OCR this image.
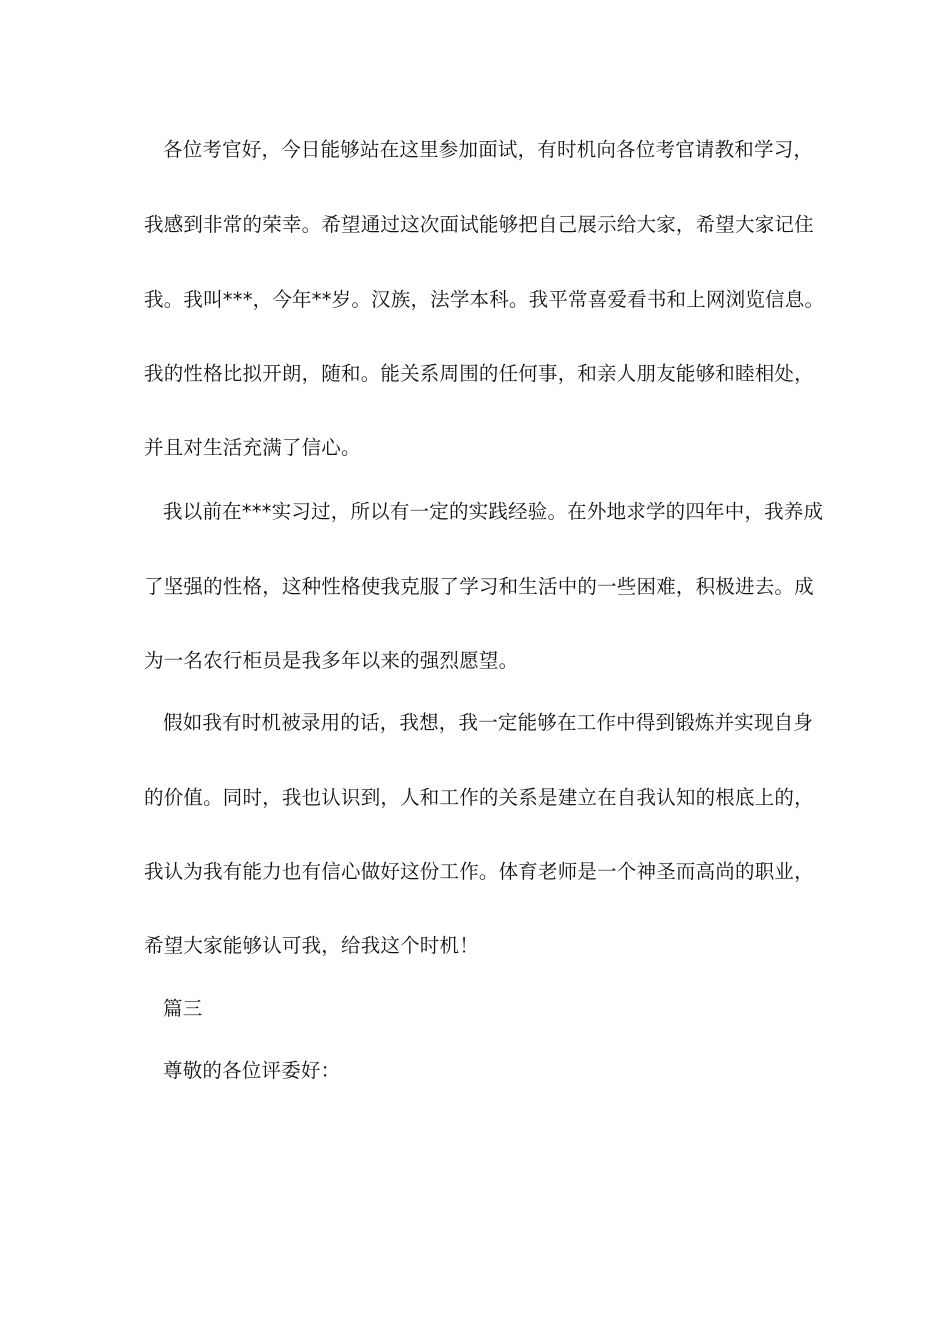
各位考官好，今日能够站在这里参加面试，有时机向各位考官请教和学习，
我感到非常的荣幸。希望通过这次面试能够把自己展示给大家，希望大家记住
我。我叫***，今年**岁。汉族，法学本科。我平常喜爱看书和上网浏览信息。
我的性格比拟开朗，随和。能关系周围的任何事，和亲人朋友能够和睦相处，
并且对生活充满了信心。
我以前在***实习过，所以有一定的实践经验。在外地求学的四年中，我养成
了坚强的性格，这种性格使我克服了学习和生活中的一些困难，积极进去。成
为一名农行柜员是我多年以来的强烈愿望。
假如我有时机被录用的话，我想，我一定能够在工作中得到锻炼并实现自身
的价值。同时，我也认识到，人和工作的关系是建立在自我认知的根底上的，
我认为我有能力也有信心做好这份工作。体育老师是一个神圣而高尚的职业，
希望大家能够认可我，给我这个时机！
篇三
尊敬的各位评委好：
